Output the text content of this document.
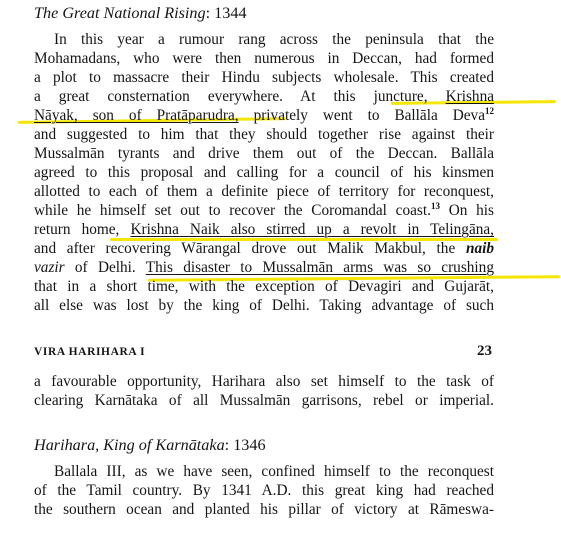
The Great National Rising: 1344
In this year a rumour rang across the peninsula that the
Mohamadans, who were then numerous in Deccan, had formed
a plot to massacre their Hindu subjects wholesale. This created
a great consternation everywhere. At this juncture, Krishna
Nāyak, son of Pratāparudra, privately went to Ballāla Deva$^{12}$
and suggested to him that they should together rise against their
Mussalmān tyrants and drive them out of the Deccan. Ballāla
agreed to this proposal and calling for a council of his kinsmen
allotted to each of them a definite piece of territory for reconquest,
while he himself set out to recover the Coromandal coast.$^{13}$ On his
return home, Krishna Naik also stirred up a revolt in Telingāna,
and after recovering Wārangal drove out Malik Makbul, the naib
vazir of Delhi. This disaster to Mussalmān arms was so crushing
that in a short time, with the exception of Devagiri and Gujarāt,
all else was lost by the king of Delhi. Taking advantage of such
VIRA HARIHARA I	23
a favourable opportunity, Harihara also set himself to the task of
clearing Karnātaka of all Mussalmān garrisons, rebel or imperial.
Harihara, King of Karnātaka: 1346
Ballala III, as we have seen, confined himself to the reconquest
of the Tamil country. By 1341 A.D. this great king had reached
the southern ocean and planted his pillar of victory at Rāmeswa-
